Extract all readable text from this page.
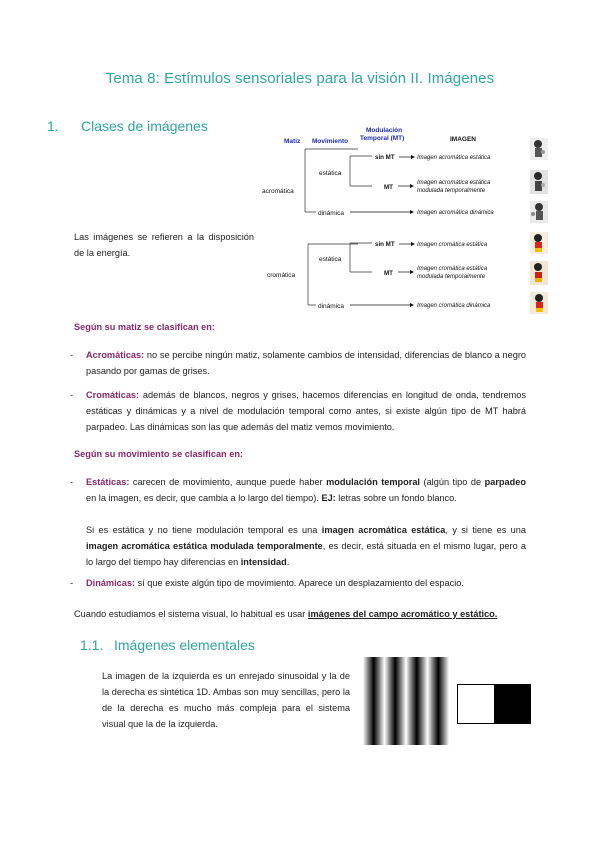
Tema 8: Estímulos sensoriales para la visión II. Imágenes
1. Clases de imágenes
Las imágenes se refieren a la disposición de la energía.
Matiz Movimiento
Modulación
Temporal (MT)	IMAGEN
acromática
estática
sin MT	Imagen acromática estática
MT
Imagen acromática estática
modulada temporalmente
dinámica	Imagen acromática dinámica
cromática
estática
sin MT	Imagen cromática estática
MT
Imagen cromática estática
modulada temporalmente
dinámica	Imagen cromática dinámica
Según su matiz se clasifican en:
- Acromáticas: no se percibe ningún matiz, solamente cambios de intensidad, diferencias de blanco a negro pasando por gamas de grises.
- Cromáticas: además de blancos, negros y grises, hacemos diferencias en longitud de onda, tendremos estáticas y dinámicas y a nivel de modulación temporal como antes, si existe algún tipo de MT habrá parpadeo. Las dinámicas son las que además del matiz vemos movimiento.
Según su movimiento se clasifican en:
- Estáticas: carecen de movimiento, aunque puede haber modulación temporal (algún tipo de parpadeo en la imagen, es decir, que cambia a lo largo del tiempo). EJ: letras sobre un fondo blanco.
Si es estática y no tiene modulación temporal es una imagen acromática estática, y si tiene es una imagen acromática estática modulada temporalmente, es decir, está situada en el mismo lugar, pero a lo largo del tiempo hay diferencias en intensidad.
- Dinámicas: sí que existe algún tipo de movimiento. Aparece un desplazamiento del espacio.
Cuando estudiamos el sistema visual, lo habitual es usar imágenes del campo acromático y estático.
1.1. Imágenes elementales
La imagen de la izquierda es un enrejado sinusoidal y la de la derecha es sintética 1D. Ambas son muy sencillas, pero la de la derecha es mucho más compleja para el sistema visual que la de la izquierda.
